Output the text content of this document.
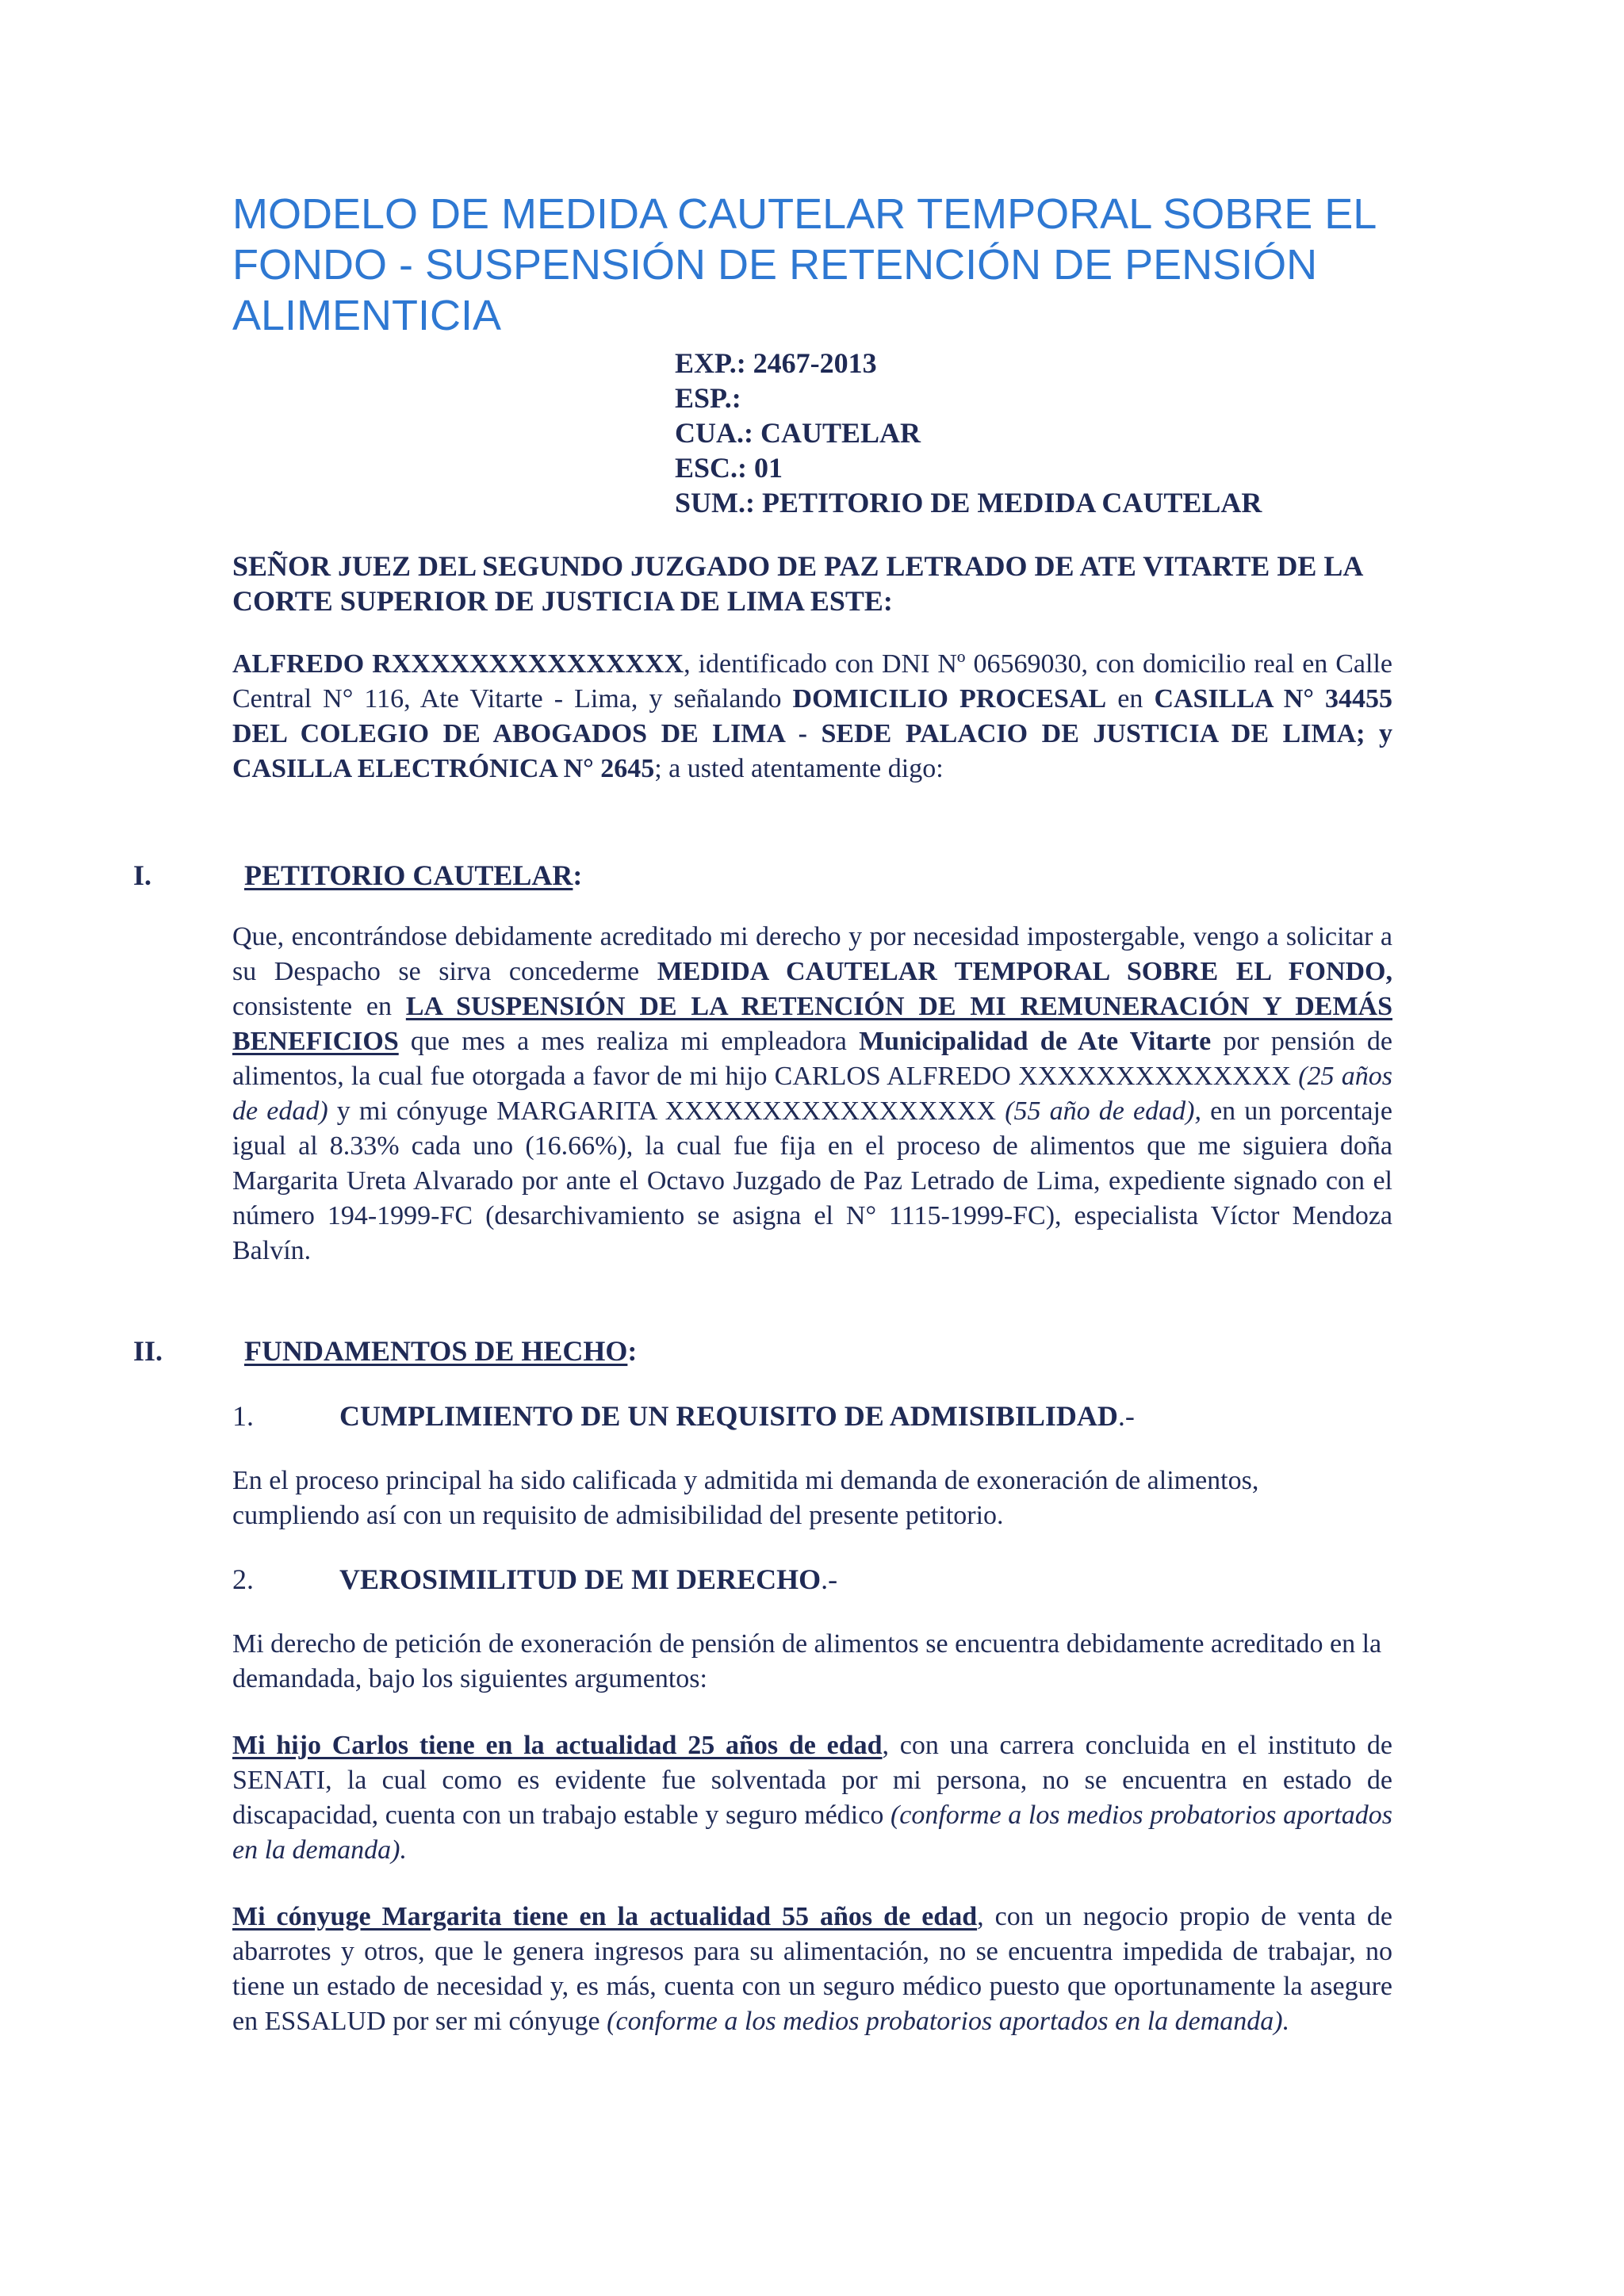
MODELO DE MEDIDA CAUTELAR TEMPORAL SOBRE EL FONDO - SUSPENSIÓN DE RETENCIÓN DE PENSIÓN ALIMENTICIA
EXP.: 2467-2013
ESP.:
CUA.: CAUTELAR
ESC.: 01
SUM.: PETITORIO DE MEDIDA CAUTELAR
SEÑOR JUEZ DEL SEGUNDO JUZGADO DE PAZ LETRADO DE ATE VITARTE DE LA CORTE SUPERIOR DE JUSTICIA DE LIMA ESTE:

ALFREDO RXXXXXXXXXXXXXXX, identificado con DNI Nº 06569030, con domicilio real en Calle Central N° 116, Ate Vitarte - Lima, y señalando DOMICILIO PROCESAL en CASILLA N° 34455 DEL COLEGIO DE ABOGADOS DE LIMA - SEDE PALACIO DE JUSTICIA DE LIMA; y CASILLA ELECTRÓNICA N° 2645; a usted atentamente digo:

I.	PETITORIO CAUTELAR:

Que, encontrándose debidamente acreditado mi derecho y por necesidad impostergable, vengo a solicitar a su Despacho se sirva concederme MEDIDA CAUTELAR TEMPORAL SOBRE EL FONDO, consistente en LA SUSPENSIÓN DE LA RETENCIÓN DE MI REMUNERACIÓN Y DEMÁS BENEFICIOS que mes a mes realiza mi empleadora Municipalidad de Ate Vitarte por pensión de alimentos, la cual fue otorgada a favor de mi hijo CARLOS ALFREDO XXXXXXXXXXXXXX (25 años de edad) y mi cónyuge MARGARITA XXXXXXXXXXXXXXXXX (55 año de edad), en un porcentaje igual al 8.33% cada uno (16.66%), la cual fue fija en el proceso de alimentos que me siguiera doña Margarita Ureta Alvarado por ante el Octavo Juzgado de Paz Letrado de Lima, expediente signado con el número 194-1999-FC (desarchivamiento se asigna el N° 1115-1999-FC), especialista Víctor Mendoza Balvín.

II.	FUNDAMENTOS DE HECHO:
1.	CUMPLIMIENTO DE UN REQUISITO DE ADMISIBILIDAD.-

En el proceso principal ha sido calificada y admitida mi demanda de exoneración de alimentos, cumpliendo así con un requisito de admisibilidad del presente petitorio.

2.	VEROSIMILITUD DE MI DERECHO.-

Mi derecho de petición de exoneración de pensión de alimentos se encuentra debidamente acreditado en la demandada, bajo los siguientes argumentos:

Mi hijo Carlos tiene en la actualidad 25 años de edad, con una carrera concluida en el instituto de SENATI, la cual como es evidente fue solventada por mi persona, no se encuentra en estado de discapacidad, cuenta con un trabajo estable y seguro médico (conforme a los medios probatorios aportados en la demanda).

Mi cónyuge Margarita tiene en la actualidad 55 años de edad, con un negocio propio de venta de abarrotes y otros, que le genera ingresos para su alimentación, no se encuentra impedida de trabajar, no tiene un estado de necesidad y, es más, cuenta con un seguro médico puesto que oportunamente la asegure en ESSALUD por ser mi cónyuge (conforme a los medios probatorios aportados en la demanda).
